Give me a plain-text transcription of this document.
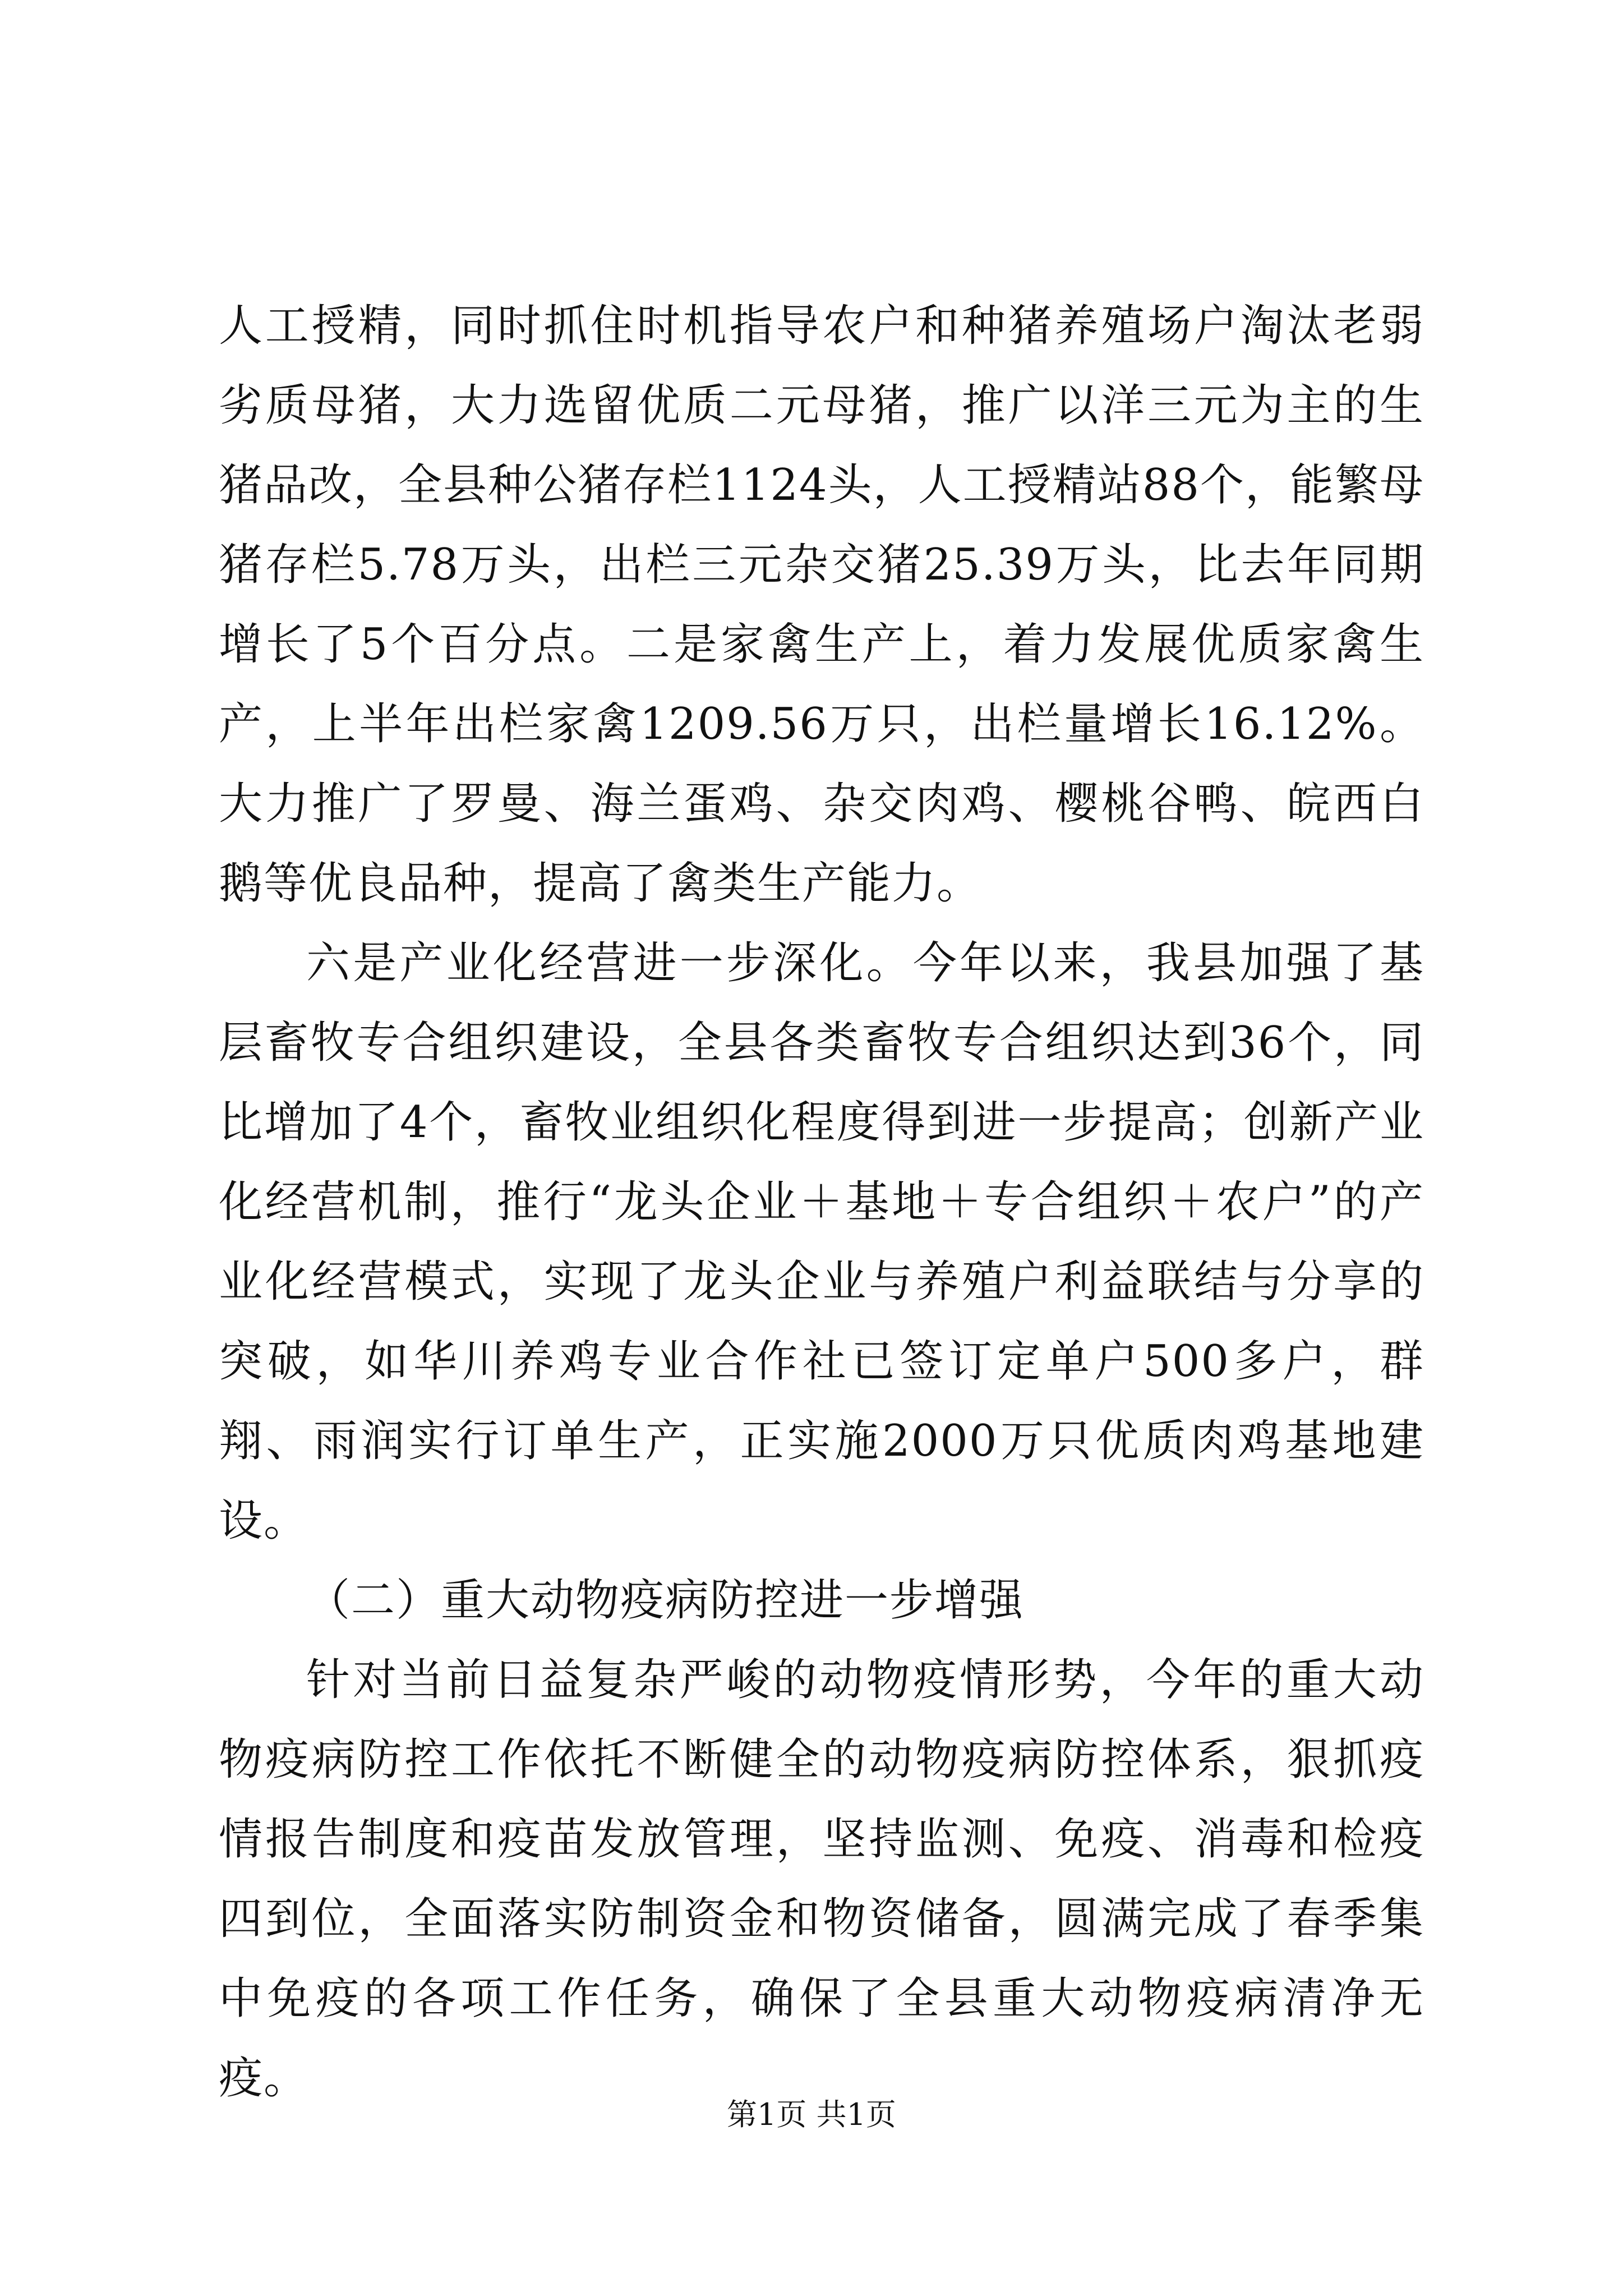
人工授精，同时抓住时机指导农户和种猪养殖场户淘汰老弱劣质母猪，大力选留优质二元母猪，推广以洋三元为主的生猪品改，全县种公猪存栏1124头，人工授精站88个，能繁母猪存栏5.78万头，出栏三元杂交猪25.39万头，比去年同期增长了5个百分点。二是家禽生产上，着力发展优质家禽生产，上半年出栏家禽1209.56万只，出栏量增长16.12%。大力推广了罗曼、海兰蛋鸡、杂交肉鸡、樱桃谷鸭、皖西白鹅等优良品种，提高了禽类生产能力。

六是产业化经营进一步深化。今年以来，我县加强了基层畜牧专合组织建设，全县各类畜牧专合组织达到36个，同比增加了4个，畜牧业组织化程度得到进一步提高；创新产业化经营机制，推行“龙头企业＋基地＋专合组织＋农户”的产业化经营模式，实现了龙头企业与养殖户利益联结与分享的突破，如华川养鸡专业合作社已签订定单户500多户，群翔、雨润实行订单生产，正实施2000万只优质肉鸡基地建设。

（二）重大动物疫病防控进一步增强

针对当前日益复杂严峻的动物疫情形势，今年的重大动物疫病防控工作依托不断健全的动物疫病防控体系，狠抓疫情报告制度和疫苗发放管理，坚持监测、免疫、消毒和检疫四到位，全面落实防制资金和物资储备，圆满完成了春季集中免疫的各项工作任务，确保了全县重大动物疫病清净无疫。

第1页 共1页
